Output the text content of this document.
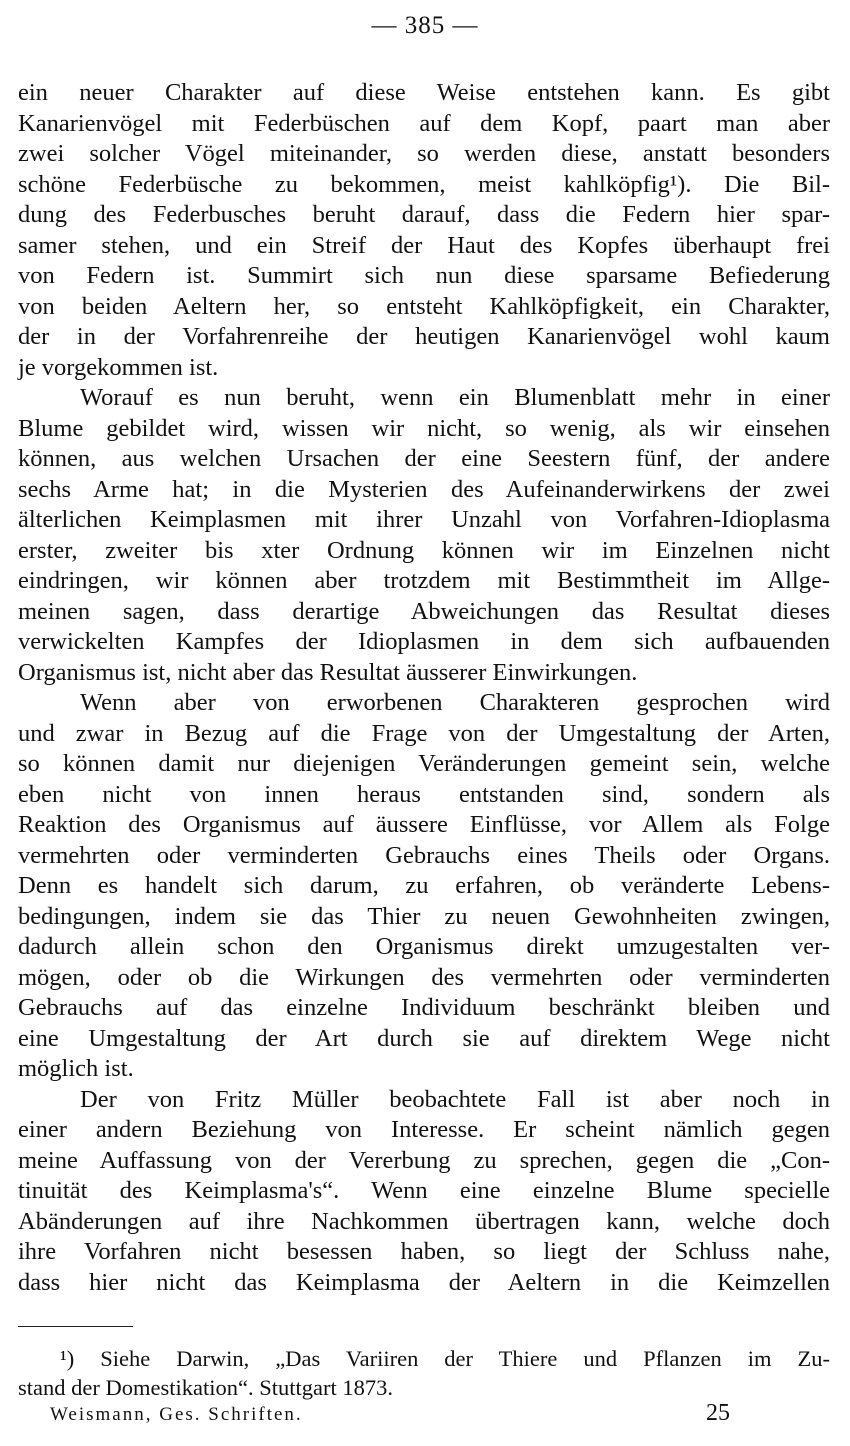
— 385 —
ein neuer Charakter auf diese Weise entstehen kann. Es gibt
Kanarienvögel mit Federbüschen auf dem Kopf, paart man aber
zwei solcher Vögel miteinander, so werden diese, anstatt besonders
schöne Federbüsche zu bekommen, meist kahlköpfig¹). Die Bil-
dung des Federbusches beruht darauf, dass die Federn hier spar-
samer stehen, und ein Streif der Haut des Kopfes überhaupt frei
von Federn ist. Summirt sich nun diese sparsame Befiederung
von beiden Aeltern her, so entsteht Kahlköpfigkeit, ein Charakter,
der in der Vorfahrenreihe der heutigen Kanarienvögel wohl kaum
je vorgekommen ist.
Worauf es nun beruht, wenn ein Blumenblatt mehr in einer
Blume gebildet wird, wissen wir nicht, so wenig, als wir einsehen
können, aus welchen Ursachen der eine Seestern fünf, der andere
sechs Arme hat; in die Mysterien des Aufeinanderwirkens der zwei
älterlichen Keimplasmen mit ihrer Unzahl von Vorfahren-Idioplasma
erster, zweiter bis xter Ordnung können wir im Einzelnen nicht
eindringen, wir können aber trotzdem mit Bestimmtheit im Allge-
meinen sagen, dass derartige Abweichungen das Resultat dieses
verwickelten Kampfes der Idioplasmen in dem sich aufbauenden
Organismus ist, nicht aber das Resultat äusserer Einwirkungen.
Wenn aber von erworbenen Charakteren gesprochen wird
und zwar in Bezug auf die Frage von der Umgestaltung der Arten,
so können damit nur diejenigen Veränderungen gemeint sein, welche
eben nicht von innen heraus entstanden sind, sondern als
Reaktion des Organismus auf äussere Einflüsse, vor Allem als Folge
vermehrten oder verminderten Gebrauchs eines Theils oder Organs.
Denn es handelt sich darum, zu erfahren, ob veränderte Lebens-
bedingungen, indem sie das Thier zu neuen Gewohnheiten zwingen,
dadurch allein schon den Organismus direkt umzugestalten ver-
mögen, oder ob die Wirkungen des vermehrten oder verminderten
Gebrauchs auf das einzelne Individuum beschränkt bleiben und
eine Umgestaltung der Art durch sie auf direktem Wege nicht
möglich ist.
Der von Fritz Müller beobachtete Fall ist aber noch in
einer andern Beziehung von Interesse. Er scheint nämlich gegen
meine Auffassung von der Vererbung zu sprechen, gegen die „Con-
tinuität des Keimplasma's“. Wenn eine einzelne Blume specielle
Abänderungen auf ihre Nachkommen übertragen kann, welche doch
ihre Vorfahren nicht besessen haben, so liegt der Schluss nahe,
dass hier nicht das Keimplasma der Aeltern in die Keimzellen
¹) Siehe Darwin, „Das Variiren der Thiere und Pflanzen im Zu-
stand der Domestikation“. Stuttgart 1873.
Weismann, Ges. Schriften.	25
